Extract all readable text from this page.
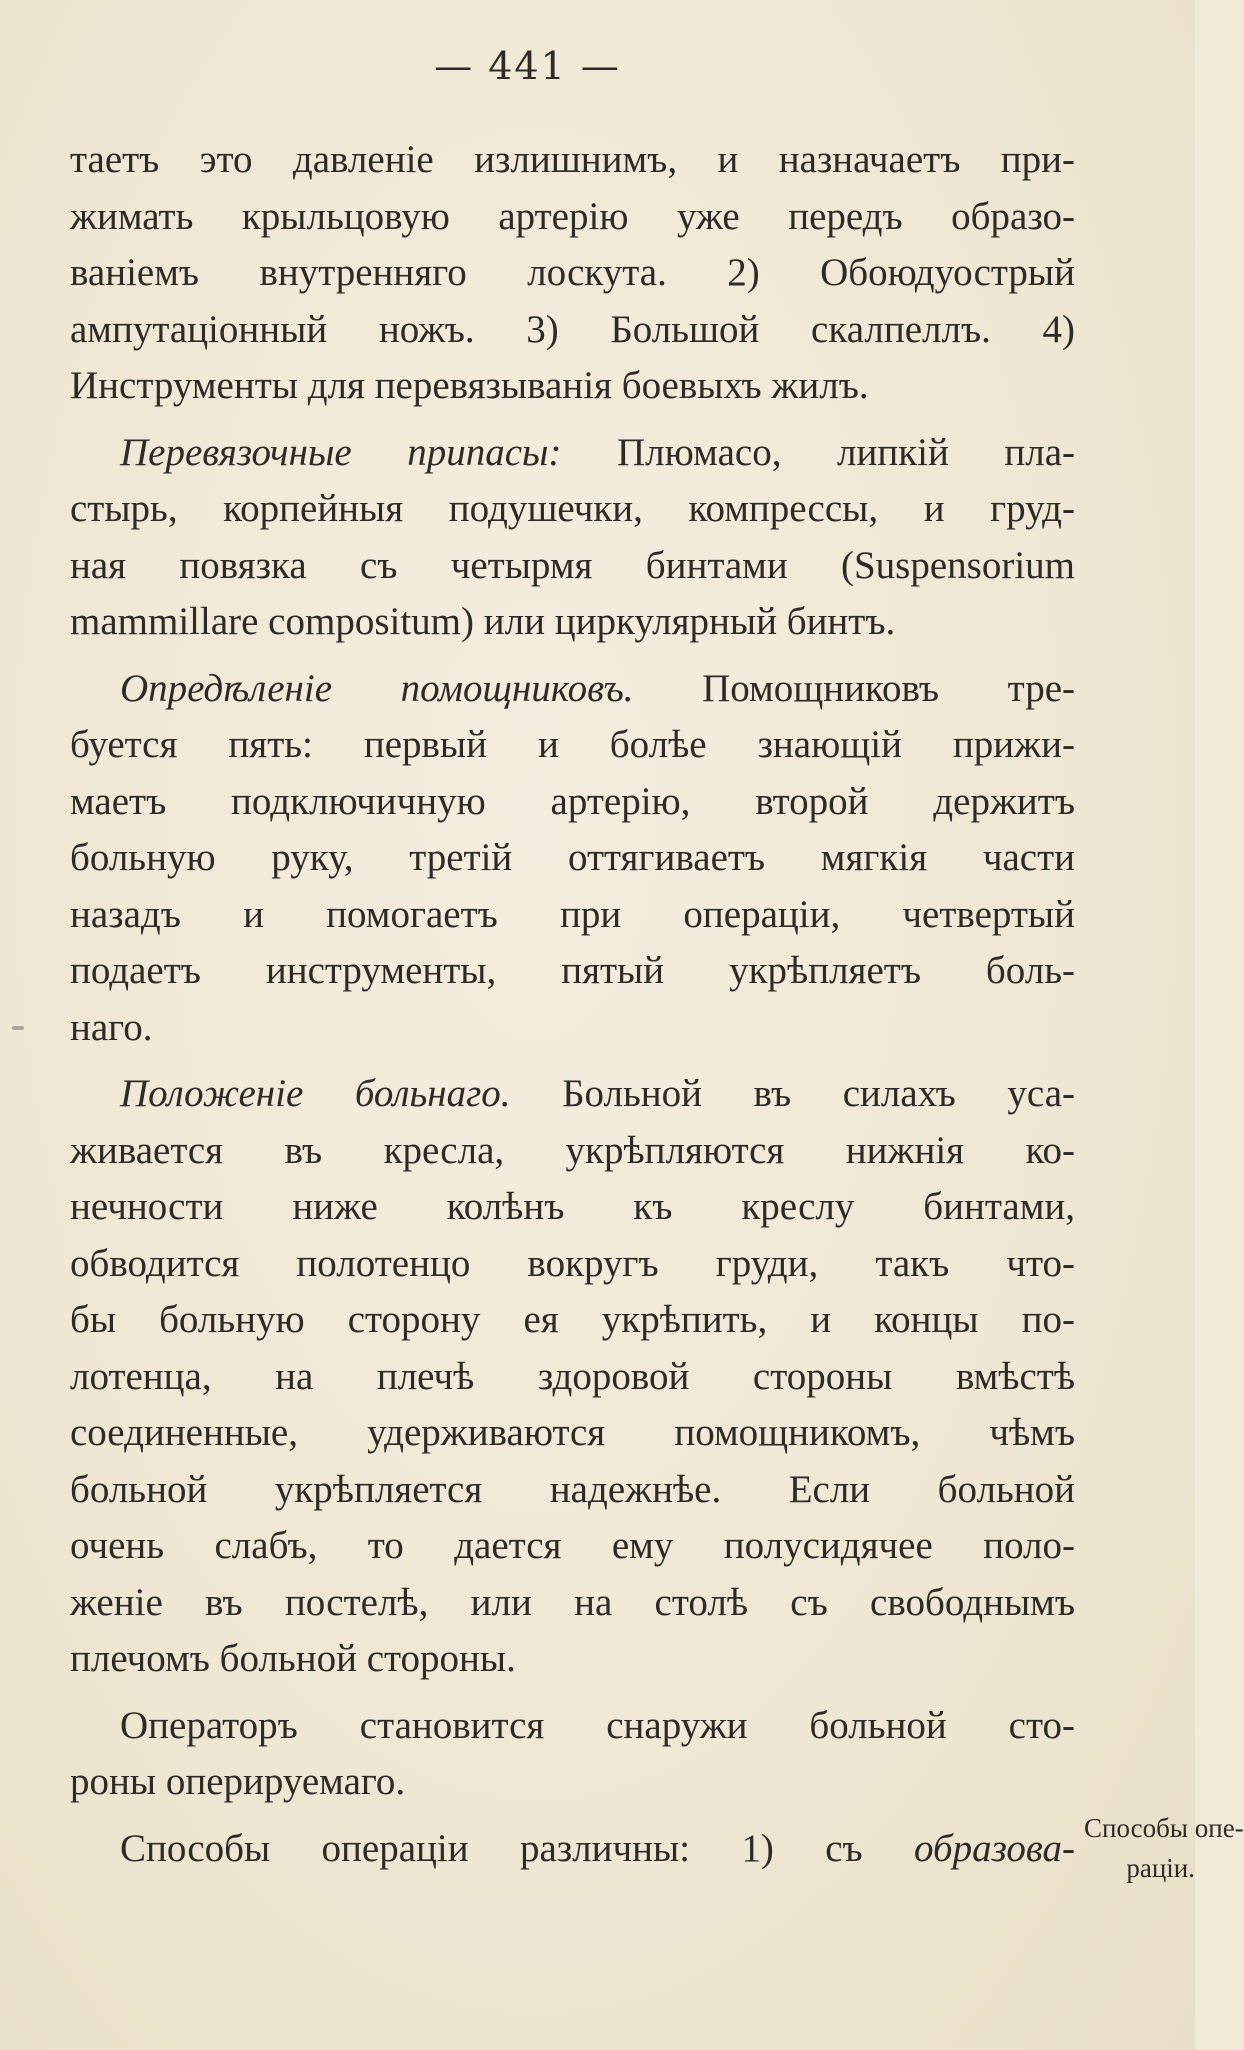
— 441 —
таетъ это давленіе излишнимъ, и назначаетъ при-
жимать крыльцовую артерію уже передъ образо-
ваніемъ внутренняго лоскута. 2) Обоюдуострый
ампутаціонный ножъ. 3) Большой скалпеллъ. 4)
Инструменты для перевязыванія боевыхъ жилъ.
Перевязочные припасы: Плюмасо, липкій пла-
стырь, корпейныя подушечки, компрессы, и груд-
ная повязка съ четырмя бинтами (Suspensorium
mammillare compositum) или циркулярный бинтъ.
Опредѣленіе помощниковъ. Помощниковъ тре-
буется пять: первый и болѣе знающій прижи-
маетъ подключичную артерію, второй держитъ
больную руку, третій оттягиваетъ мягкія части
назадъ и помогаетъ при операціи, четвертый
подаетъ инструменты, пятый укрѣпляетъ боль-
наго.
Положеніе больнаго. Больной въ силахъ уса-
живается въ кресла, укрѣпляются нижнія ко-
нечности ниже колѣнъ къ креслу бинтами,
обводится полотенцо вокругъ груди, такъ что-
бы больную сторону ея укрѣпить, и концы по-
лотенца, на плечѣ здоровой стороны вмѣстѣ
соединенные, удерживаются помощникомъ, чѣмъ
больной укрѣпляется надежнѣе. Если больной
очень слабъ, то дается ему полусидячее поло-
женіе въ постелѣ, или на столѣ съ свободнымъ
плечомъ больной стороны.
Операторъ становится снаружи больной сто-
роны оперируемаго.
Способы операціи различны: 1) съ образова- Способы опе-
раціи.
